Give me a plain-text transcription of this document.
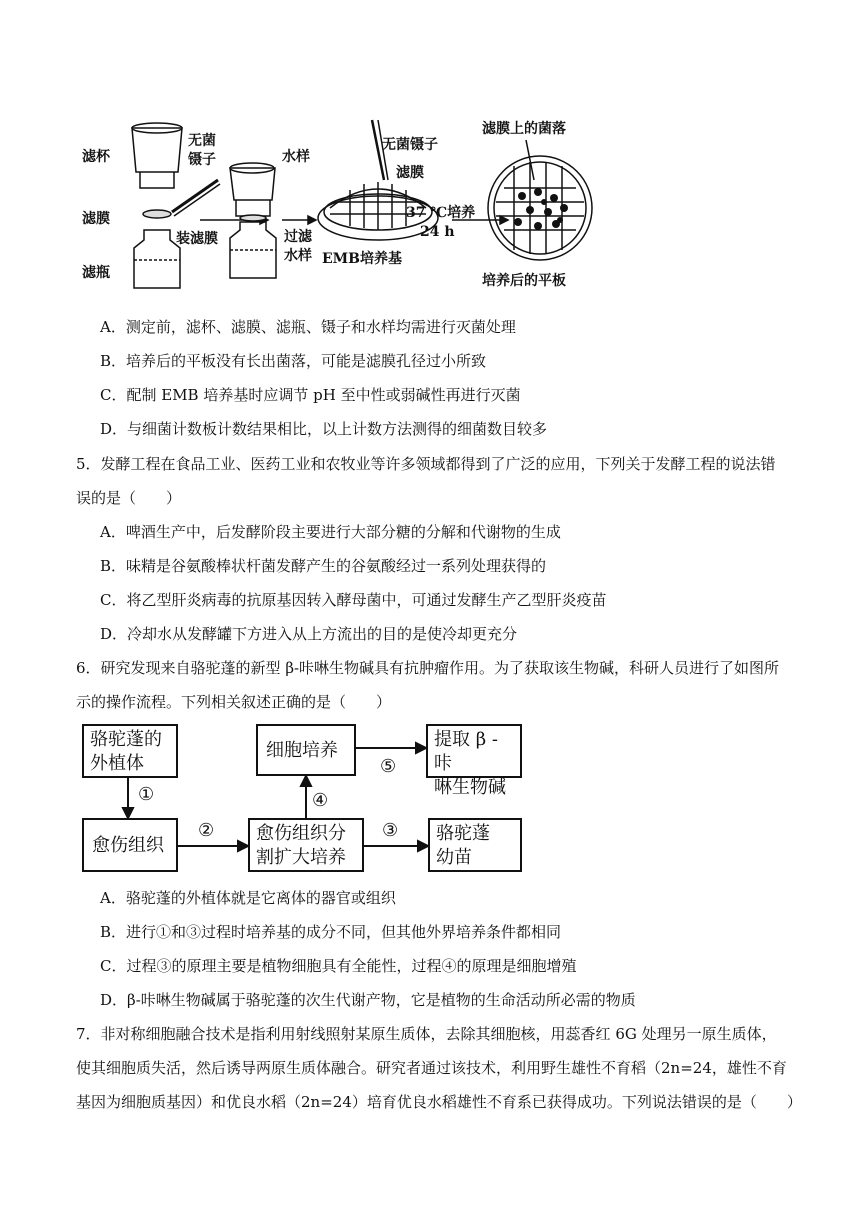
滤杯
滤膜
滤瓶
无菌
镊子	水样
装滤膜	过滤
水样
无菌镊子
滤膜
EMB培养基
37 ℃培养
24 h
滤膜上的菌落
培养后的平板
A．测定前，滤杯、滤膜、滤瓶、镊子和水样均需进行灭菌处理
B．培养后的平板没有长出菌落，可能是滤膜孔径过小所致
C．配制 EMB 培养基时应调节 pH 至中性或弱碱性再进行灭菌
D．与细菌计数板计数结果相比，以上计数方法测得的细菌数目较多
5．发酵工程在食品工业、医药工业和农牧业等许多领域都得到了广泛的应用，下列关于发酵工程的说法错
误的是（　　）
A．啤酒生产中，后发酵阶段主要进行大部分糖的分解和代谢物的生成
B．味精是谷氨酸棒状杆菌发酵产生的谷氨酸经过一系列处理获得的
C．将乙型肝炎病毒的抗原基因转入酵母菌中，可通过发酵生产乙型肝炎疫苗
D．冷却水从发酵罐下方进入从上方流出的目的是使冷却更充分
6．研究发现来自骆驼蓬的新型 β-咔啉生物碱具有抗肿瘤作用。为了获取该生物碱，科研人员进行了如图所
示的操作流程。下列相关叙述正确的是（　　）
骆驼蓬的
外植体
愈伤组织
愈伤组织分
割扩大培养
细胞培养
提取 β -咔
啉生物碱
骆驼蓬
幼苗
①
②	③
④
⑤
A．骆驼蓬的外植体就是它离体的器官或组织
B．进行①和③过程时培养基的成分不同，但其他外界培养条件都相同
C．过程③的原理主要是植物细胞具有全能性，过程④的原理是细胞增殖
D．β-咔啉生物碱属于骆驼蓬的次生代谢产物，它是植物的生命活动所必需的物质
7．非对称细胞融合技术是指利用射线照射某原生质体，去除其细胞核，用蕊香红 6G 处理另一原生质体，
使其细胞质失活，然后诱导两原生质体融合。研究者通过该技术，利用野生雄性不育稻（2n=24，雄性不育
基因为细胞质基因）和优良水稻（2n=24）培育优良水稻雄性不育系已获得成功。下列说法错误的是（　　）
